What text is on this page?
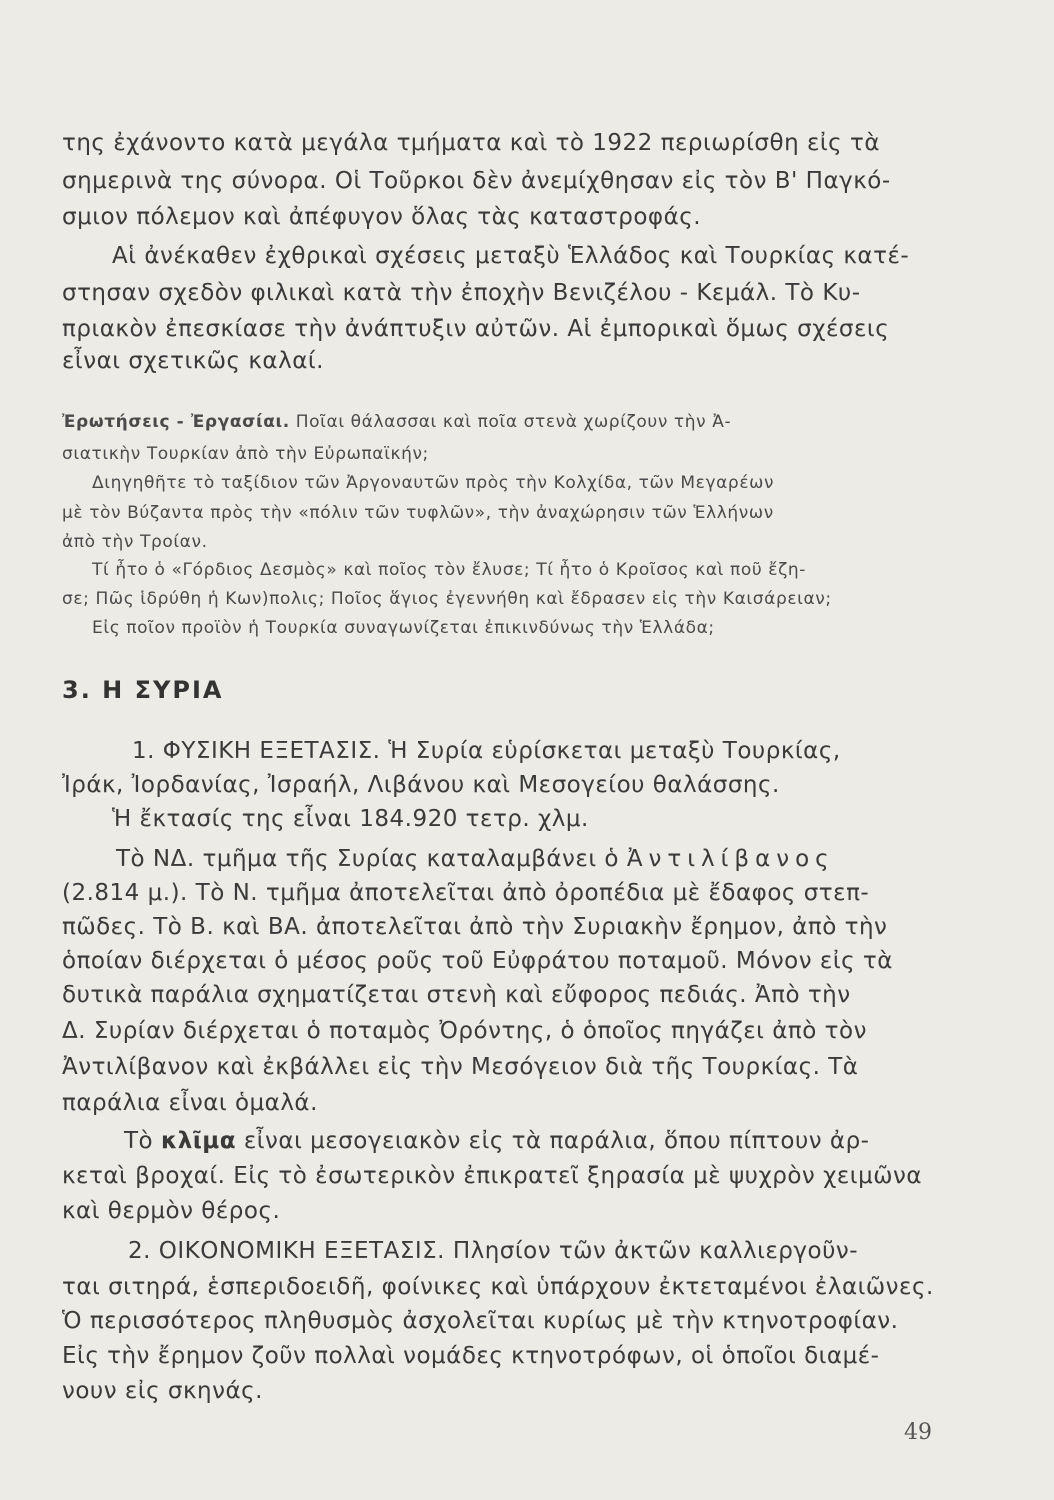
της ἐχάνοντο κατὰ μεγάλα τμήματα καὶ τὸ 1922 περιωρίσθη εἰς τὰ
σημερινὰ της σύνορα. Οἱ Τοῦρκοι δὲν ἀνεμίχθησαν εἰς τὸν Β' Παγκό-
σμιον πόλεμον καὶ ἀπέφυγον ὅλας τὰς καταστροφάς.
Αἱ ἀνέκαθεν ἐχθρικαὶ σχέσεις μεταξὺ Ἑλλάδος καὶ Τουρκίας κατέ-
στησαν σχεδὸν φιλικαὶ κατὰ τὴν ἐποχὴν Βενιζέλου - Κεμάλ. Τὸ Κυ-
πριακὸν ἐπεσκίασε τὴν ἀνάπτυξιν αὐτῶν. Αἱ ἐμπορικαὶ ὅμως σχέσεις
εἶναι σχετικῶς καλαί.
Ἐρωτήσεις - Ἐργασίαι. Ποῖαι θάλασσαι καὶ ποῖα στενὰ χωρίζουν τὴν Ἀ-
σιατικὴν Τουρκίαν ἀπὸ τὴν Εὐρωπαϊκήν;
Διηγηθῆτε τὸ ταξίδιον τῶν Ἀργοναυτῶν πρὸς τὴν Κολχίδα, τῶν Μεγαρέων
μὲ τὸν Βύζαντα πρὸς τὴν «πόλιν τῶν τυφλῶν», τὴν ἀναχώρησιν τῶν Ἑλλήνων
ἀπὸ τὴν Τροίαν.
Τί ἦτο ὁ «Γόρδιος Δεσμὸς» καὶ ποῖος τὸν ἔλυσε; Τί ἦτο ὁ Κροῖσος καὶ ποῦ ἔζη-
σε; Πῶς ἱδρύθη ἡ Κων)πολις; Ποῖος ἅγιος ἐγεννήθη καὶ ἔδρασεν εἰς τὴν Καισάρειαν;
Εἰς ποῖον προϊὸν ἡ Τουρκία συναγωνίζεται ἐπικινδύνως τὴν Ἑλλάδα;
3. Η ΣΥΡΙΑ
1. ΦΥΣΙΚΗ ΕΞΕΤΑΣΙΣ. Ἡ Συρία εὑρίσκεται μεταξὺ Τουρκίας,
Ἰράκ, Ἰορδανίας, Ἰσραήλ, Λιβάνου καὶ Μεσογείου θαλάσσης.
Ἡ ἔκτασίς της εἶναι 184.920 τετρ. χλμ.
Τὸ ΝΔ. τμῆμα τῆς Συρίας καταλαμβάνει ὁ Ἀντιλίβανος
(2.814 μ.). Τὸ Ν. τμῆμα ἀποτελεῖται ἀπὸ ὀροπέδια μὲ ἔδαφος στεπ-
πῶδες. Τὸ Β. καὶ ΒΑ. ἀποτελεῖται ἀπὸ τὴν Συριακὴν ἔρημον, ἀπὸ τὴν
ὁποίαν διέρχεται ὁ μέσος ροῦς τοῦ Εὐφράτου ποταμοῦ. Μόνον εἰς τὰ
δυτικὰ παράλια σχηματίζεται στενὴ καὶ εὔφορος πεδιάς. Ἀπὸ τὴν
Δ. Συρίαν διέρχεται ὁ ποταμὸς Ὀρόντης, ὁ ὁποῖος πηγάζει ἀπὸ τὸν
Ἀντιλίβανον καὶ ἐκβάλλει εἰς τὴν Μεσόγειον διὰ τῆς Τουρκίας. Τὰ
παράλια εἶναι ὁμαλά.
Τὸ κλῖμα εἶναι μεσογειακὸν εἰς τὰ παράλια, ὅπου πίπτουν ἀρ-
κεταὶ βροχαί. Εἰς τὸ ἐσωτερικὸν ἐπικρατεῖ ξηρασία μὲ ψυχρὸν χειμῶνα
καὶ θερμὸν θέρος.
2. ΟΙΚΟΝΟΜΙΚΗ ΕΞΕΤΑΣΙΣ. Πλησίον τῶν ἀκτῶν καλλιεργοῦν-
ται σιτηρά, ἑσπεριδοειδῆ, φοίνικες καὶ ὑπάρχουν ἐκτεταμένοι ἐλαιῶνες.
Ὁ περισσότερος πληθυσμὸς ἀσχολεῖται κυρίως μὲ τὴν κτηνοτροφίαν.
Εἰς τὴν ἔρημον ζοῦν πολλαὶ νομάδες κτηνοτρόφων, οἱ ὁποῖοι διαμέ-
νουν εἰς σκηνάς.
49
